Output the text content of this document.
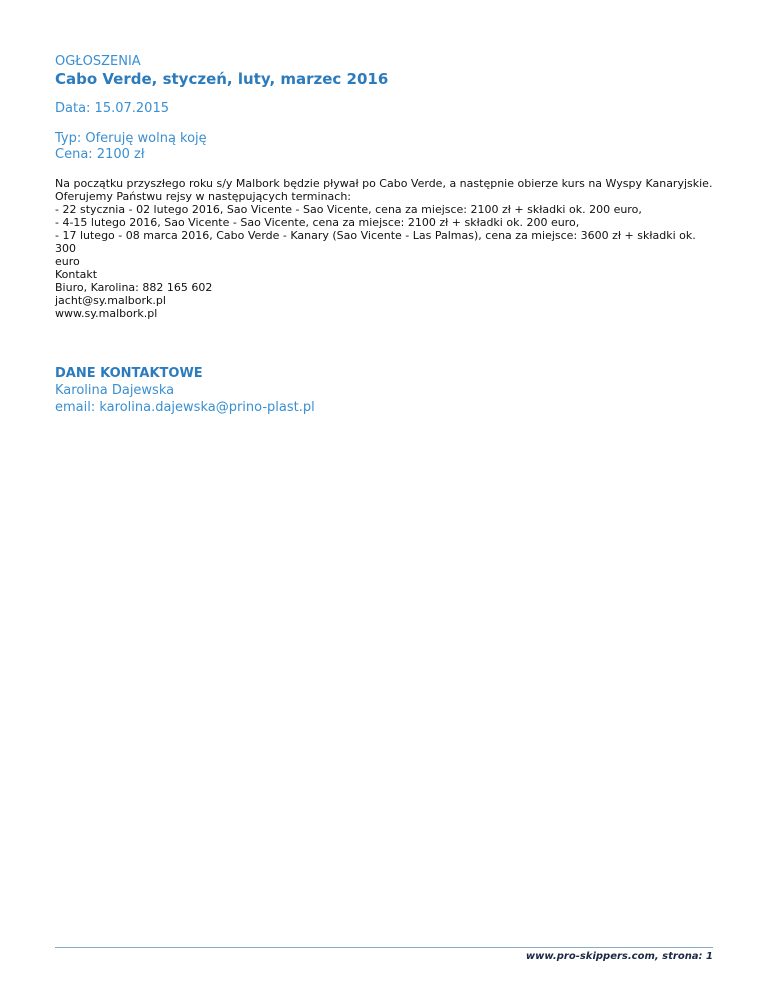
OGŁOSZENIA
Cabo Verde, styczeń, luty, marzec 2016
Data: 15.07.2015
Typ: Oferuję wolną koję
Cena: 2100 zł
Na początku przyszłego roku s/y Malbork będzie pływał po Cabo Verde, a następnie obierze kurs na Wyspy Kanaryjskie.
Oferujemy Państwu rejsy w następujących terminach:
- 22 stycznia - 02 lutego 2016, Sao Vicente - Sao Vicente, cena za miejsce: 2100 zł + składki ok. 200 euro,
- 4-15 lutego 2016, Sao Vicente - Sao Vicente, cena za miejsce: 2100 zł + składki ok. 200 euro,
- 17 lutego - 08 marca 2016, Cabo Verde - Kanary (Sao Vicente - Las Palmas), cena za miejsce: 3600 zł + składki ok. 300
euro
Kontakt
Biuro, Karolina: 882 165 602
jacht@sy.malbork.pl
www.sy.malbork.pl
DANE KONTAKTOWE
Karolina Dajewska
email: karolina.dajewska@prino-plast.pl
www.pro-skippers.com, strona: 1
